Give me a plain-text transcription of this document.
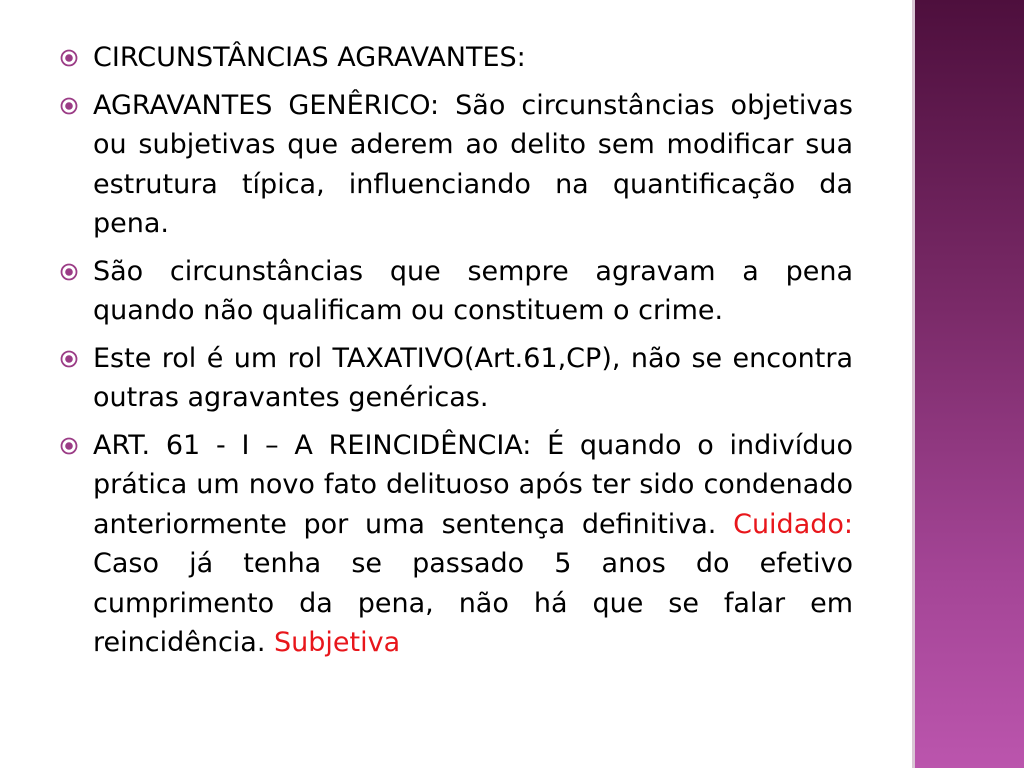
CIRCUNSTÂNCIAS AGRAVANTES:
AGRAVANTES GENÊRICO: São circunstâncias objetivas ou subjetivas que aderem ao delito sem modificar sua estrutura típica, influenciando na quantificação da pena.
São circunstâncias que sempre agravam a pena quando não qualificam ou constituem o crime.
Este rol é um rol TAXATIVO(Art.61,CP), não se encontra outras agravantes genéricas.
ART. 61 - I – A REINCIDÊNCIA: É quando o indivíduo prática um novo fato delituoso após ter sido condenado anteriormente por uma sentença definitiva. Cuidado: Caso já tenha se passado 5 anos do efetivo cumprimento da pena, não há que se falar em reincidência. Subjetiva
